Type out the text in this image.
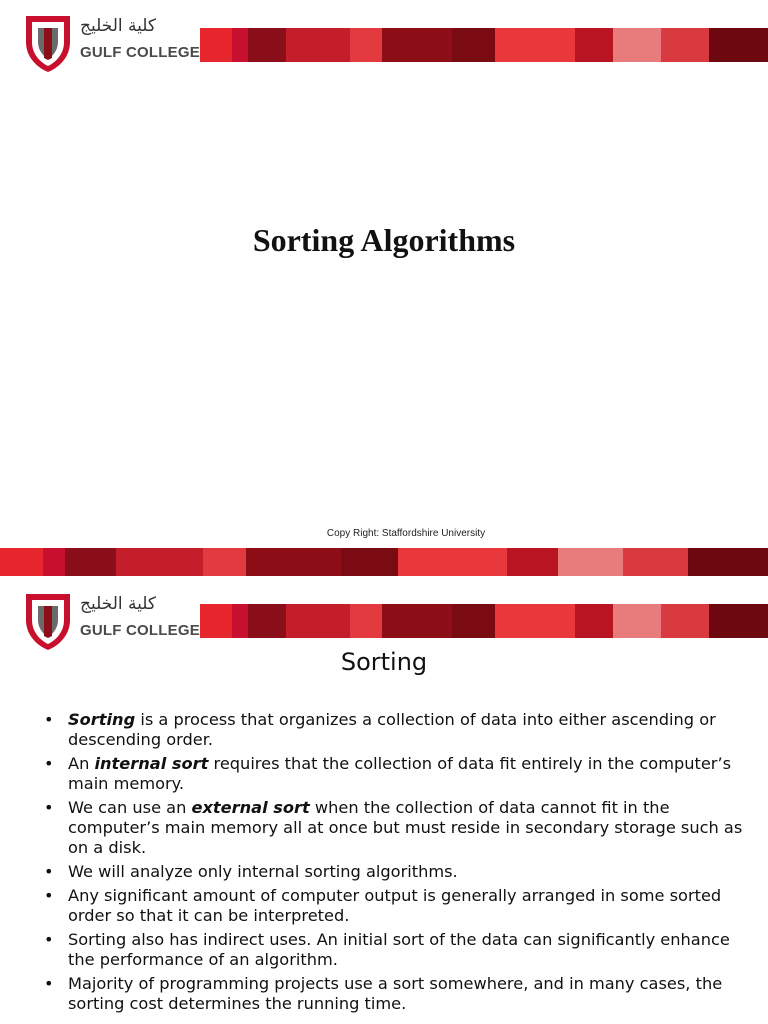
كلية الخليج
GULF COLLEGE
Sorting Algorithms
Copy Right: Staffordshire University
كلية الخليج
GULF COLLEGE
Sorting
• Sorting is a process that organizes a collection of data into either ascending or descending order.
• An internal sort requires that the collection of data fit entirely in the computer’s main memory.
• We can use an external sort when the collection of data cannot fit in the computer’s main memory all at once but must reside in secondary storage such as on a disk.
• We will analyze only internal sorting algorithms.
• Any significant amount of computer output is generally arranged in some sorted order so that it can be interpreted.
• Sorting also has indirect uses. An initial sort of the data can significantly enhance the performance of an algorithm.
• Majority of programming projects use a sort somewhere, and in many cases, the sorting cost determines the running time.
